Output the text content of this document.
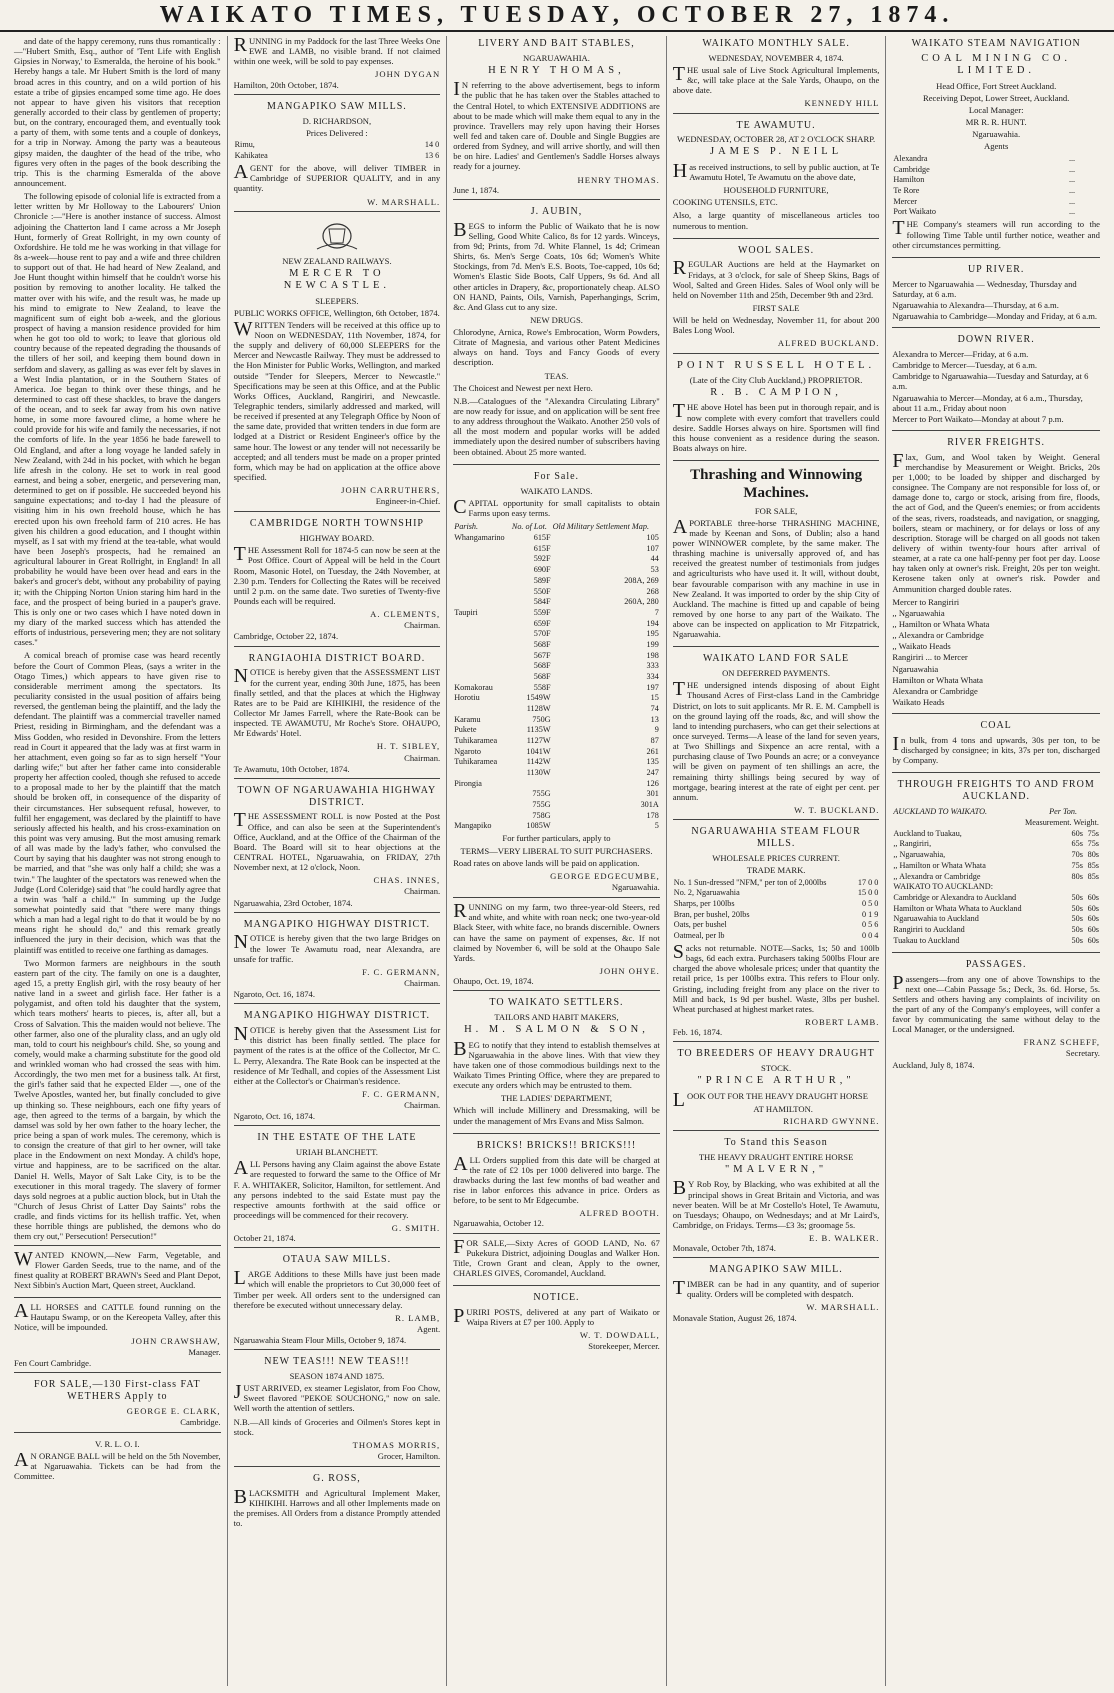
WAIKATO TIMES, TUESDAY, OCTOBER 27, 1874.

and date of the happy ceremony, runs thus romantically :—"Hubert Smith, Esq., author of 'Tent Life with English Gipsies in Norway,' to Esmeralda, the heroine of his book." Hereby hangs a tale. Mr Hubert Smith is the lord of many broad acres in this country, and on a wild portion of his estate a tribe of gipsies encamped some time ago. He does not appear to have given his visitors that reception generally accorded to their class by gentlemen of property; but, on the contrary, encouraged them, and eventually took a party of them, with some tents and a couple of donkeys, for a trip in Norway. Among the party was a beauteous gipsy maiden, the daughter of the head of the tribe, who figures very often in the pages of the book describing the trip. This is the charming Esmeralda of the above announcement.

The following episode of colonial life is extracted from a letter written by Mr Holloway to the Labourers' Union Chronicle :—"Here is another instance of success. Almost adjoining the Chatterton land I came across a Mr Joseph Hunt, formerly of Great Rollright, in my own county of Oxfordshire. He told me he was working in that village for 8s a-week—house rent to pay and a wife and three children to support out of that. He had heard of New Zealand, and Joe Hunt thought within himself that he couldn't worse his position by removing to another locality. He talked the matter over with his wife, and the result was, he made up his mind to emigrate to New Zealand, to leave the magnificent sum of eight bob a-week, and the glorious prospect of having a mansion residence provided for him when he got too old to work; to leave that glorious old country because of the repeated degrading the thousands of the tillers of her soil, and keeping them bound down in serfdom and slavery, as galling as was ever felt by slaves in a West India plantation, or in the Southern States of America. Joe began to think over these things, and he determined to cast off these shackles, to brave the dangers of the ocean, and to seek far away from his own native home, in some more favoured clime, a home where he could provide for his wife and family the necessaries, if not the comforts of life. In the year 1856 he bade farewell to Old England, and after a long voyage he landed safely in New Zealand, with 24d in his pocket, with which he began life afresh in the colony. He set to work in real good earnest, and being a sober, energetic, and persevering man, determined to get on if possible. He succeeded beyond his sanguine expectations; and to-day I had the pleasure of visiting him in his own freehold house, which he has erected upon his own freehold farm of 210 acres. He has given his children a good education, and I thought within myself, as I sat with my friend at the tea-table, what would have been Joseph's prospects, had he remained an agricultural labourer in Great Rollright, in England! In all probability he would have been over head and ears in the baker's and grocer's debt, without any probability of paying it; with the Chipping Norton Union staring him hard in the face, and the prospect of being buried in a pauper's grave. This is only one or two cases which I have noted down in my diary of the marked success which has attended the efforts of industrious, persevering men; they are not solitary cases."

A comical breach of promise case was heard recently before the Court of Common Pleas, (says a writer in the Otago Times,) which appears to have given rise to considerable merriment among the spectators. Its peculiarity consisted in the usual position of affairs being reversed, the gentleman being the plaintiff, and the lady the defendant. The plaintiff was a commercial traveller named Priest, residing in Birmingham, and the defendant was a Miss Godden, who resided in Devonshire. From the letters read in Court it appeared that the lady was at first warm in her attachment, even going so far as to sign herself "Your darling wife;" but after her father came into considerable property her affection cooled, though she refused to accede to a proposal made to her by the plaintiff that the match should be broken off, in consequence of the disparity of their circumstances. Her subsequent refusal, however, to fulfil her engagement, was declared by the plaintiff to have seriously affected his health, and his cross-examination on this point was very amusing. But the most amusing remark of all was made by the lady's father, who convulsed the Court by saying that his daughter was not strong enough to be married, and that "she was only half a child; she was a twin." The laughter of the spectators was renewed when the Judge (Lord Coleridge) said that "he could hardly agree that a twin was 'half a child.'" In summing up the Judge somewhat pointedly said that "there were many things which a man had a legal right to do that it would be by no means right he should do," and this remark greatly influenced the jury in their decision, which was that the plaintiff was entitled to receive one farthing as damages.

Two Mormon farmers are neighbours in the south eastern part of the city. The family on one is a daughter, aged 15, a pretty English girl, with the rosy beauty of her native land in a sweet and girlish face. Her father is a polygamist, and often told his daughter that the system, which tears mothers' hearts to pieces, is, after all, but a Cross of Salvation. This the maiden would not believe. The other farmer, also one of the plurality class, and an ugly old man, told to court his neighbour's child. She, so young and comely, would make a charming substitute for the good old and wrinkled woman who had crossed the seas with him. Accordingly, the two men met for a business talk. At first, the girl's father said that he expected Elder —, one of the Twelve Apostles, wanted her, but finally concluded to give up thinking so. These neighbours, each one fifty years of age, then agreed to the terms of a bargain, by which the damsel was sold by her own father to the hoary lecher, the price being a span of work mules. The ceremony, which is to consign the creature of that girl to her owner, will take place in the Endowment on next Monday. A child's hope, virtue and happiness, are to be sacrificed on the altar. Daniel H. Wells, Mayor of Salt Lake City, is to be the executioner in this moral tragedy. The slavery of former days sold negroes at a public auction block, but in Utah the "Church of Jesus Christ of Latter Day Saints" robs the cradle, and finds victims for its hellish traffic. Yet, when these horrible things are published, the demons who do them cry out," Persecution! Persecution!"

WANTED KNOWN,—New Farm, Vegetable, and Flower Garden Seeds, true to the name, and of the finest quality at ROBERT BRAWN's Seed and Plant Depot, Next Sibbin's Auction Mart, Queen street, Auckland.

ALL HORSES and CATTLE found running on the Hautapu Swamp, or on the Kereopeta Valley, after this Notice, will be impounded.

JOHN CRAWSHAW,
Manager.
Fen Court Cambridge.
FOR SALE,—130 First-class FAT WETHERS Apply to
GEORGE E. CLARK,
Cambridge.
V. R. L. O. I.

AN ORANGE BALL will be held on the 5th November, at Ngaruawahia. Tickets can be had from the Committee.

RUNNING in my Paddock for the last Three Weeks One EWE and LAMB, no visible brand. If not claimed within one week, will be sold to pay expenses.

JOHN DYGAN
Hamilton, 20th October, 1874.
MANGAPIKO SAW MILLS.
D. RICHARDSON,
Prices Delivered :
Rimu,	14 0
Kahikatea	13 6

AGENT for the above, will deliver TIMBER in Cambridge of SUPERIOR QUALITY, and in any quantity.

W. MARSHALL.
NEW ZEALAND RAILWAYS.
MERCER TO NEWCASTLE.
SLEEPERS.
PUBLIC WORKS OFFICE, Wellington, 6th October, 1874.

WRITTEN Tenders will be received at this office up to Noon on WEDNESDAY, 11th November, 1874, for the supply and delivery of 60,000 SLEEPERS for the Mercer and Newcastle Railway. They must be addressed to the Hon Minister for Public Works, Wellington, and marked outside "Tender for Sleepers, Mercer to Newcastle." Specifications may be seen at this Office, and at the Public Works Offices, Auckland, Rangiriri, and Newcastle. Telegraphic tenders, similarly addressed and marked, will be received if presented at any Telegraph Office by Noon of the same date, provided that written tenders in due form are lodged at a District or Resident Engineer's office by the same hour. The lowest or any tender will not necessarily be accepted; and all tenders must be made on a proper printed form, which may be had on application at the office above specified.

JOHN CARRUTHERS,
Engineer-in-Chief.
CAMBRIDGE NORTH TOWNSHIP
HIGHWAY BOARD.

THE Assessment Roll for 1874-5 can now be seen at the Post Office. Court of Appeal will be held in the Court Room, Masonic Hotel, on Tuesday, the 24th November, at 2.30 p.m. Tenders for Collecting the Rates will be received until 2 p.m. on the same date. Two sureties of Twenty-five Pounds each will be required.

A. CLEMENTS,
Chairman.
Cambridge, October 22, 1874.
RANGIAOHIA DISTRICT BOARD.

NOTICE is hereby given that the ASSESSMENT LIST for the current year, ending 30th June, 1875, has been finally settled, and that the places at which the Highway Rates are to be Paid are KIHIKIHI, the residence of the Collector Mr James Farrell, where the Rate-Book can be inspected. TE AWAMUTU, Mr Roche's Store. OHAUPO, Mr Edwards' Hotel.

H. T. SIBLEY,
Chairman.
Te Awamutu, 10th October, 1874.
TOWN OF NGARUAWAHIA HIGHWAY DISTRICT.

THE ASSESSMENT ROLL is now Posted at the Post Office, and can also be seen at the Superintendent's Office, Auckland, and at the Office of the Chairman of the Board. The Board will sit to hear objections at the CENTRAL HOTEL, Ngaruawahia, on FRIDAY, 27th November next, at 12 o'clock, Noon.

CHAS. INNES,
Chairman.
Ngaruawahia, 23rd October, 1874.
MANGAPIKO HIGHWAY DISTRICT.

NOTICE is hereby given that the two large Bridges on the lower Te Awamutu road, near Alexandra, are unsafe for traffic.

F. C. GERMANN,
Chairman.
Ngaroto, Oct. 16, 1874.
MANGAPIKO HIGHWAY DISTRICT.

NOTICE is hereby given that the Assessment List for this district has been finally settled. The place for payment of the rates is at the office of the Collector, Mr C. L. Perry, Alexandra. The Rate Book can be inspected at the residence of Mr Tedhall, and copies of the Assessment List either at the Collector's or Chairman's residence.

F. C. GERMANN,
Chairman.
Ngaroto, Oct. 16, 1874.
IN THE ESTATE OF THE LATE
URIAH BLANCHETT.

ALL Persons having any Claim against the above Estate are requested to forward the same to the Office of Mr F. A. WHITAKER, Solicitor, Hamilton, for settlement. And any persons indebted to the said Estate must pay the respective amounts forthwith at the said office or proceedings will be commenced for their recovery.

G. SMITH.
October 21, 1874.
OTAUA SAW MILLS.

LARGE Additions to these Mills have just been made which will enable the proprietors to Cut 30,000 feet of Timber per week. All orders sent to the undersigned can therefore be executed without unnecessary delay.

R. LAMB,
Agent.
Ngaruawahia Steam Flour Mills, October 9, 1874.
NEW TEAS!!! NEW TEAS!!!
SEASON 1874 AND 1875.

JUST ARRIVED, ex steamer Legislator, from Foo Chow, Sweet flavored "PEKOE SOUCHONG," now on sale. Well worth the attention of settlers.

N.B.—All kinds of Groceries and Oilmen's Stores kept in stock.

THOMAS MORRIS,
Grocer, Hamilton.
G. ROSS,

BLACKSMITH and Agricultural Implement Maker, KIHIKIHI. Harrows and all other Implements made on the premises. All Orders from a distance Promptly attended to.

LIVERY AND BAIT STABLES,
NGARUAWAHIA.
HENRY THOMAS,

IN referring to the above advertisement, begs to inform the public that he has taken over the Stables attached to the Central Hotel, to which EXTENSIVE ADDITIONS are about to be made which will make them equal to any in the province. Travellers may rely upon having their Horses well fed and taken care of. Double and Single Buggies are ordered from Sydney, and will arrive shortly, and will then be on hire. Ladies' and Gentlemen's Saddle Horses always ready for a journey.

HENRY THOMAS.
June 1, 1874.
J. AUBIN,

BEGS to inform the Public of Waikato that he is now Selling, Good White Calico, 8s for 12 yards. Winceys, from 9d; Prints, from 7d. White Flannel, 1s 4d; Crimean Shirts, 6s. Men's Serge Coats, 10s 6d; Women's White Stockings, from 7d. Men's E.S. Boots, Toe-capped, 10s 6d; Women's Elastic Side Boots, Calf Uppers, 9s 6d. And all other articles in Drapery, &c, proportionately cheap. ALSO ON HAND, Paints, Oils, Varnish, Paperhangings, Scrim, &c. And Glass cut to any size.

NEW DRUGS.

Chlorodyne, Arnica, Rowe's Embrocation, Worm Powders, Citrate of Magnesia, and various other Patent Medicines always on hand. Toys and Fancy Goods of every description.

TEAS.

The Choicest and Newest per next Hero.

N.B.—Catalogues of the "Alexandra Circulating Library" are now ready for issue, and on application will be sent free to any address throughout the Waikato. Another 250 vols of all the most modern and popular works will be added immediately upon the desired number of subscribers having been obtained. About 25 more wanted.

For Sale.
WAIKATO LANDS.

CAPITAL opportunity for small capitalists to obtain Farms upon easy terms.

Parish.	No. of Lot.	Old Military Settlement Map.
Whangamarino	615F	105
	615F	107
	592F	44
	690F	53
	589F	208A, 269
	550F	268
	584F	260A, 280
Taupiri	559F	7
	659F	194
	570F	195
	568F	199
	567F	198
	568F	333
	568F	334
Komakorau	558F	197
Horotiu	1549W	15
	1128W	74
Karamu	750G	13
Pukete	1135W	9
Tuhikaramea	1127W	87
Ngaroto	1041W	261
Tuhikaramea	1142W	135
	1130W	247
Pirongia		126
	755G	301
	755G	301A
	758G	178
Mangapiko	1085W	5
For further particulars, apply to
TERMS—VERY LIBERAL TO SUIT PURCHASERS.

Road rates on above lands will be paid on application.

GEORGE EDGECUMBE,
Ngaruawahia.

RUNNING on my farm, two three-year-old Steers, red and white, and white with roan neck; one two-year-old Black Steer, with white face, no brands discernible. Owners can have the same on payment of expenses, &c. If not claimed by November 6, will be sold at the Ohaupo Sale Yards.

JOHN OHYE.
Ohaupo, Oct. 19, 1874.
TO WAIKATO SETTLERS.
TAILORS AND HABIT MAKERS,
H. M. SALMON & SON,

BEG to notify that they intend to establish themselves at Ngaruawahia in the above lines. With that view they have taken one of those commodious buildings next to the Waikato Times Printing Office, where they are prepared to execute any orders which may be entrusted to them.

THE LADIES' DEPARTMENT,

Which will include Millinery and Dressmaking, will be under the management of Mrs Evans and Miss Salmon.

BRICKS! BRICKS!! BRICKS!!!

ALL Orders supplied from this date will be charged at the rate of £2 10s per 1000 delivered into barge. The drawbacks during the last few months of bad weather and rise in labor enforces this advance in price. Orders as before, to be sent to Mr Edgecumbe.

ALFRED BOOTH.
Ngaruawahia, October 12.

FOR SALE,—Sixty Acres of GOOD LAND, No. 67 Pukekura District, adjoining Douglas and Walker Hon. Title, Crown Grant and clean, Apply to the owner, CHARLES GIVES, Coromandel, Auckland.

NOTICE.

PURIRI POSTS, delivered at any part of Waikato or Waipa Rivers at £7 per 100. Apply to

W. T. DOWDALL,
Storekeeper, Mercer.
WAIKATO MONTHLY SALE.
WEDNESDAY, NOVEMBER 4, 1874.

THE usual sale of Live Stock Agricultural Implements, &c, will take place at the Sale Yards, Ohaupo, on the above date.

KENNEDY HILL
TE AWAMUTU.
WEDNESDAY, OCTOBER 28, AT 2 O'CLOCK SHARP.
JAMES P. NEILL

Has received instructions, to sell by public auction, at Te Awamutu Hotel, Te Awamutu on the above date,

HOUSEHOLD FURNITURE,

COOKING UTENSILS, ETC.

Also, a large quantity of miscellaneous articles too numerous to mention.

WOOL SALES.

REGULAR Auctions are held at the Haymarket on Fridays, at 3 o'clock, for sale of Sheep Skins, Bags of Wool, Salted and Green Hides. Sales of Wool only will be held on November 11th and 25th, December 9th and 23rd.

FIRST SALE

Will be held on Wednesday, November 11, for about 200 Bales Long Wool.

ALFRED BUCKLAND.
POINT RUSSELL HOTEL.
(Late of the City Club Auckland,) PROPRIETOR.
R. B. CAMPION,

THE above Hotel has been put in thorough repair, and is now complete with every comfort that travellers could desire. Saddle Horses always on hire. Sportsmen will find this house convenient as a residence during the season. Boats always on hire.

Thrashing and Winnowing Machines.
FOR SALE,

APORTABLE three-horse THRASHING MACHINE, made by Keenan and Sons, of Dublin; also a hand power WINNOWER complete, by the same maker. The thrashing machine is universally approved of, and has received the greatest number of testimonials from judges and agriculturists who have used it. It will, without doubt, bear favourable comparison with any machine in use in New Zealand. It was imported to order by the ship City of Auckland. The machine is fitted up and capable of being removed by one horse to any part of the Waikato. The above can be inspected on application to Mr Fitzpatrick, Ngaruawahia.

WAIKATO LAND FOR SALE
ON DEFERRED PAYMENTS.

THE undersigned intends disposing of about Eight Thousand Acres of First-class Land in the Cambridge District, on lots to suit applicants. Mr R. E. M. Campbell is on the ground laying off the roads, &c, and will show the land to intending purchasers, who can get their selections at once surveyed. Terms—A lease of the land for seven years, at Two Shillings and Sixpence an acre rental, with a purchasing clause of Two Pounds an acre; or a conveyance will be given on payment of ten shillings an acre, the remaining thirty shillings being secured by way of mortgage, bearing interest at the rate of eight per cent. per annum.

W. T. BUCKLAND.
NGARUAWAHIA STEAM FLOUR MILLS.
WHOLESALE PRICES CURRENT.
TRADE MARK.
No. 1 Sun-dressed "NFM," per ton of 2,000lbs	17 0 0
No. 2, Ngaruawahia	15 0 0
Sharps, per 100lbs	0 5 0
Bran, per bushel, 20lbs	0 1 9
Oats, per bushel	0 5 6
Oatmeal, per lb	0 0 4

Sacks not returnable. NOTE—Sacks, 1s; 50 and 100lb bags, 6d each extra. Purchasers taking 500lbs Flour are charged the above wholesale prices; under that quantity the retail price, 1s per 100lbs extra. This refers to Flour only. Gristing, including freight from any place on the river to Mill and back, 1s 9d per bushel. Waste, 3lbs per bushel. Wheat purchased at highest market rates.

ROBERT LAMB.
Feb. 16, 1874.
TO BREEDERS OF HEAVY DRAUGHT
STOCK.
"PRINCE ARTHUR,"

LOOK OUT FOR THE HEAVY DRAUGHT HORSE

AT HAMILTON.
RICHARD GWYNNE.
To Stand this Season
THE HEAVY DRAUGHT ENTIRE HORSE
"MALVERN,"

BY Rob Roy, by Blacking, who was exhibited at all the principal shows in Great Britain and Victoria, and was never beaten. Will be at Mr Costello's Hotel, Te Awamutu, on Tuesdays; Ohaupo, on Wednesdays; and at Mr Laird's, Cambridge, on Fridays. Terms—£3 3s; groomage 5s.

E. B. WALKER.
Monavale, October 7th, 1874.
MANGAPIKO SAW MILL.

TIMBER can be had in any quantity, and of superior quality. Orders will be completed with despatch.

W. MARSHALL.
Monavale Station, August 26, 1874.
WAIKATO STEAM NAVIGATION
COAL MINING CO. LIMITED.
Head Office, Fort Street Auckland.
Receiving Depot, Lower Street, Auckland.
Local Manager:
MR R. R. HUNT.
Ngaruawahia.
Agents
Alexandra	...
Cambridge	...
Hamilton	...
Te Rore	...
Mercer	...
Port Waikato	...

THE Company's steamers will run according to the following Time Table until further notice, weather and other circumstances permitting.

UP RIVER.
Mercer to Ngaruawahia — Wednesday, Thursday and Saturday, at 6 a.m.
Ngaruawahia to Alexandra—Thursday, at 6 a.m.
Ngaruawahia to Cambridge—Monday and Friday, at 6 a.m.
DOWN RIVER.
Alexandra to Mercer—Friday, at 6 a.m.
Cambridge to Mercer—Tuesday, at 6 a.m.
Cambridge to Ngaruawahia—Tuesday and Saturday, at 6 a.m.
Ngaruawahia to Mercer—Monday, at 6 a.m., Thursday, about 11 a.m., Friday about noon
Mercer to Port Waikato—Monday at about 7 p.m.
RIVER FREIGHTS.

Flax, Gum, and Wool taken by Weight. General merchandise by Measurement or Weight. Bricks, 20s per 1,000; to be loaded by shipper and discharged by consignee. The Company are not responsible for loss of, or damage done to, cargo or stock, arising from fire, floods, the act of God, and the Queen's enemies; or from accidents of the seas, rivers, roadsteads, and navigation, or snagging, boilers, steam or machinery, or for delays or loss of any description. Storage will be charged on all goods not taken delivery of within twenty-four hours after arrival of steamer, at a rate ca one half-penny per foot per day. Loose hay taken only at owner's risk. Freight, 20s per ton weight. Kerosene taken only at owner's risk. Powder and Ammunition charged double rates.

Mercer to Rangiriri
,, Ngaruawahia
,, Hamilton or Whata Whata
,, Alexandra or Cambridge
,, Waikato Heads
Rangiriri ... to Mercer
Ngaruawahia
Hamilton or Whata Whata
Alexandra or Cambridge
Waikato Heads
COAL

In bulk, from 4 tons and upwards, 30s per ton, to be discharged by consignee; in kits, 37s per ton, discharged by Company.

THROUGH FREIGHTS TO AND FROM AUCKLAND.
AUCKLAND TO WAIKATO.	Per Ton.	
Measurement. Weight.		
Auckland to Tuakau,	60s	75s
,, Rangiriri,	65s	75s
,, Ngaruawahia,	70s	80s
,, Hamilton or Whata Whata	75s	85s
,, Alexandra or Cambridge	80s	85s
WAIKATO TO AUCKLAND:		
Cambridge or Alexandra to Auckland	50s	60s
Hamilton or Whata Whata to Auckland	50s	60s
Ngaruawahia to Auckland	50s	60s
Rangiriri to Auckland	50s	60s
Tuakau to Auckland	50s	60s
PASSAGES.

Passengers—from any one of above Townships to the next one—Cabin Passage 5s.; Deck, 3s. 6d. Horse, 5s. Settlers and others having any complaints of incivility on the part of any of the Company's employees, will confer a favor by communicating the same without delay to the Local Manager, or the undersigned.

FRANZ SCHEFF,
Secretary.
Auckland, July 8, 1874.
